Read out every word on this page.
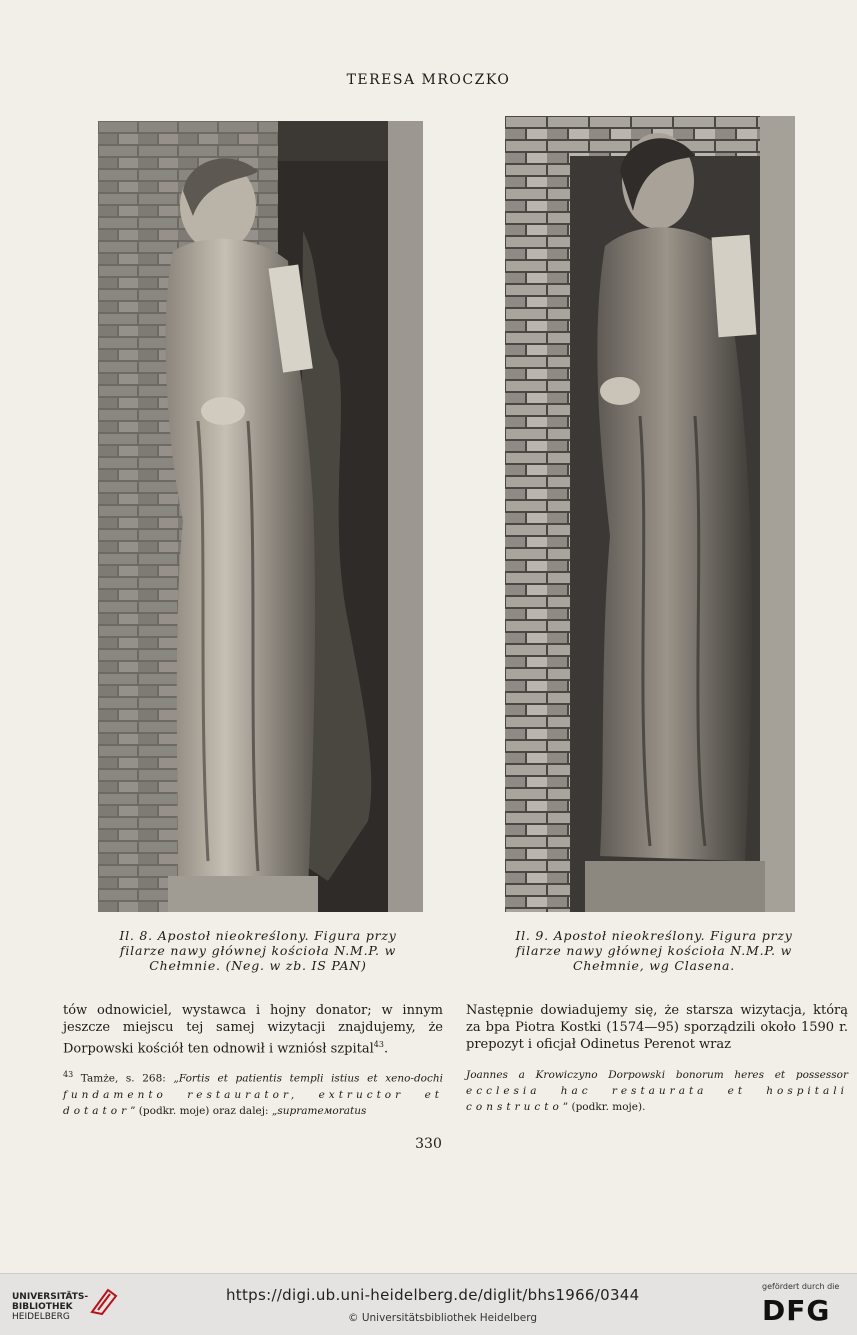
TERESA MROCZKO
Il. 8. Apostoł nieokreślony. Figura przy
filarze nawy głównej kościoła N.M.P. w
Chełmnie. (Neg. w zb. IS PAN)
Il. 9. Apostoł nieokreślony. Figura przy
filarze nawy głównej kościoła N.M.P. w
Chełmnie, wg Clasena.
tów odnowiciel, wystawca i hojny donator; w innym jeszcze miejscu tej samej wizytacji znajdujemy, że Dorpowski kościół ten odnowił i wzniósł szpital$^{43}$.
Następnie dowiadujemy się, że starsza wizytacja, którą za bpa Piotra Kostki (1574—95) sporządzili około 1590 r. prepozyt i oficjał Odinetus Perenot wraz
$^{43}$ Tamże, s. 268: „Fortis et patientis templi istius et xeno-dochi fundamento restaurator, extructor et dotator” (podkr. moje) oraz dalej: „suprameмoratus
Joannes a Krowiczyno Dorpowski bonorum heres et possessor ecclesia hac restaurata et hospitali constructo” (podkr. moje).
330
UNIVERSITÄTS-
BIBLIOTHEK
HEIDELBERG
https://digi.ub.uni-heidelberg.de/diglit/bhs1966/0344
© Universitätsbibliothek Heidelberg
gefördert durch die
DFG
